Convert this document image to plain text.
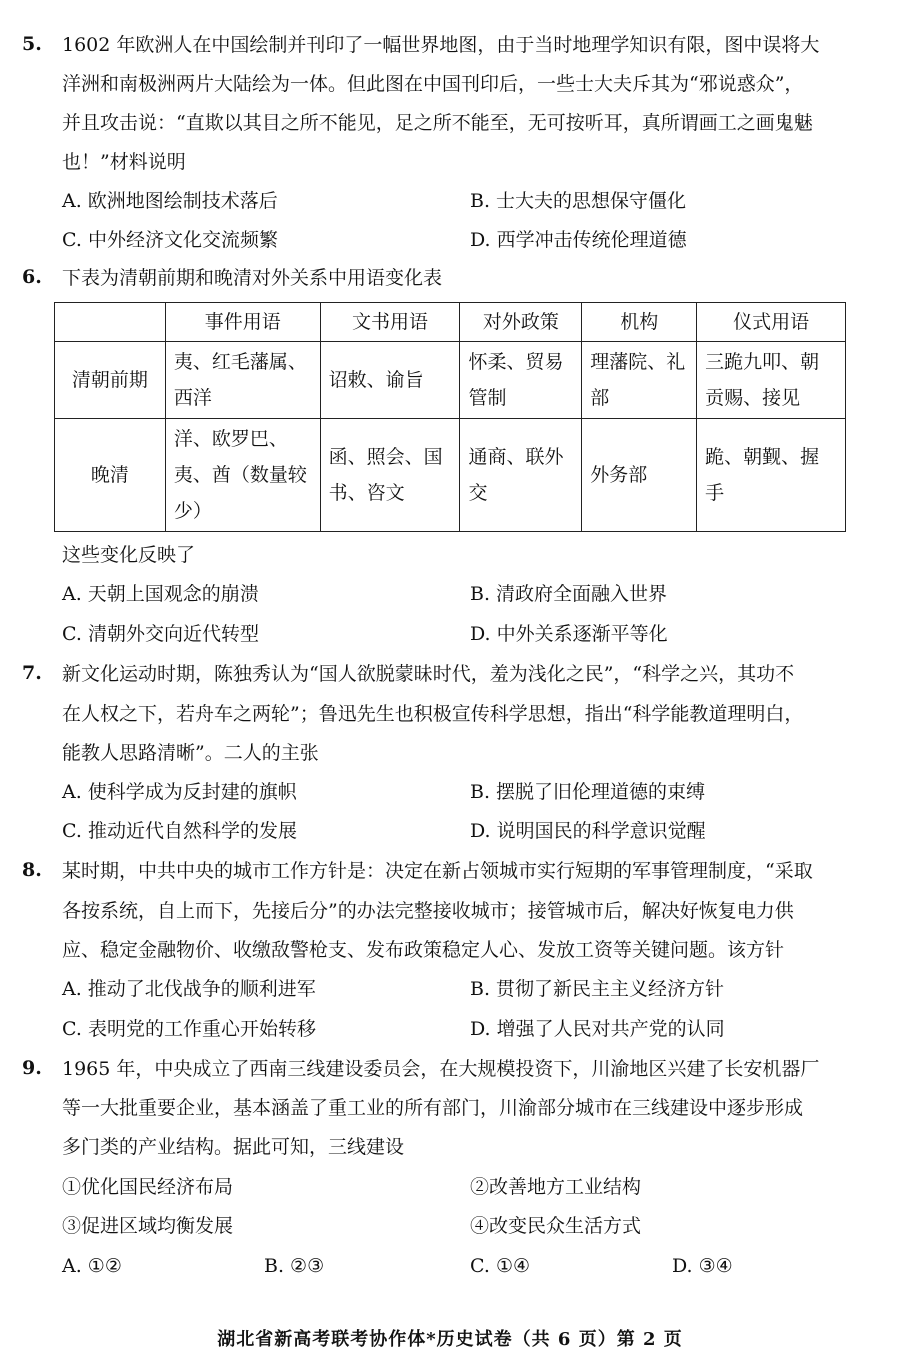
5. 1602 年欧洲人在中国绘制并刊印了一幅世界地图，由于当时地理学知识有限，图中误将大
洋洲和南极洲两片大陆绘为一体。但此图在中国刊印后，一些士大夫斥其为“邪说惑众”，
并且攻击说：“直欺以其目之所不能见，足之所不能至，无可按听耳，真所谓画工之画鬼魅
也！”材料说明
A. 欧洲地图绘制技术落后	B. 士大夫的思想保守僵化
C. 中外经济文化交流频繁	D. 西学冲击传统伦理道德
6. 下表为清朝前期和晚清对外关系中用语变化表
	事件用语	文书用语	对外政策	机构	仪式用语
清朝前期	夷、红毛藩属、西洋	诏敕、谕旨	怀柔、贸易管制	理藩院、礼部	三跪九叩、朝贡赐、接见
晚清	洋、欧罗巴、夷、酋（数量较少）	函、照会、国书、咨文	通商、联外交	外务部	跪、朝觐、握手
这些变化反映了
A. 天朝上国观念的崩溃	B. 清政府全面融入世界
C. 清朝外交向近代转型	D. 中外关系逐渐平等化
7. 新文化运动时期，陈独秀认为“国人欲脱蒙昧时代，羞为浅化之民”，“科学之兴，其功不
在人权之下，若舟车之两轮”；鲁迅先生也积极宣传科学思想，指出“科学能教道理明白，
能教人思路清晰”。二人的主张
A. 使科学成为反封建的旗帜	B. 摆脱了旧伦理道德的束缚
C. 推动近代自然科学的发展	D. 说明国民的科学意识觉醒
8. 某时期，中共中央的城市工作方针是：决定在新占领城市实行短期的军事管理制度，“采取
各按系统，自上而下，先接后分”的办法完整接收城市；接管城市后，解决好恢复电力供
应、稳定金融物价、收缴敌警枪支、发布政策稳定人心、发放工资等关键问题。该方针
A. 推动了北伐战争的顺利进军	B. 贯彻了新民主主义经济方针
C. 表明党的工作重心开始转移	D. 增强了人民对共产党的认同
9. 1965 年，中央成立了西南三线建设委员会，在大规模投资下，川渝地区兴建了长安机器厂
等一大批重要企业，基本涵盖了重工业的所有部门，川渝部分城市在三线建设中逐步形成
多门类的产业结构。据此可知，三线建设
①优化国民经济布局	②改善地方工业结构
③促进区域均衡发展	④改变民众生活方式
A. ①②	B. ②③	C. ①④	D. ③④
湖北省新高考联考协作体*历史试卷（共 6 页）第 2 页
